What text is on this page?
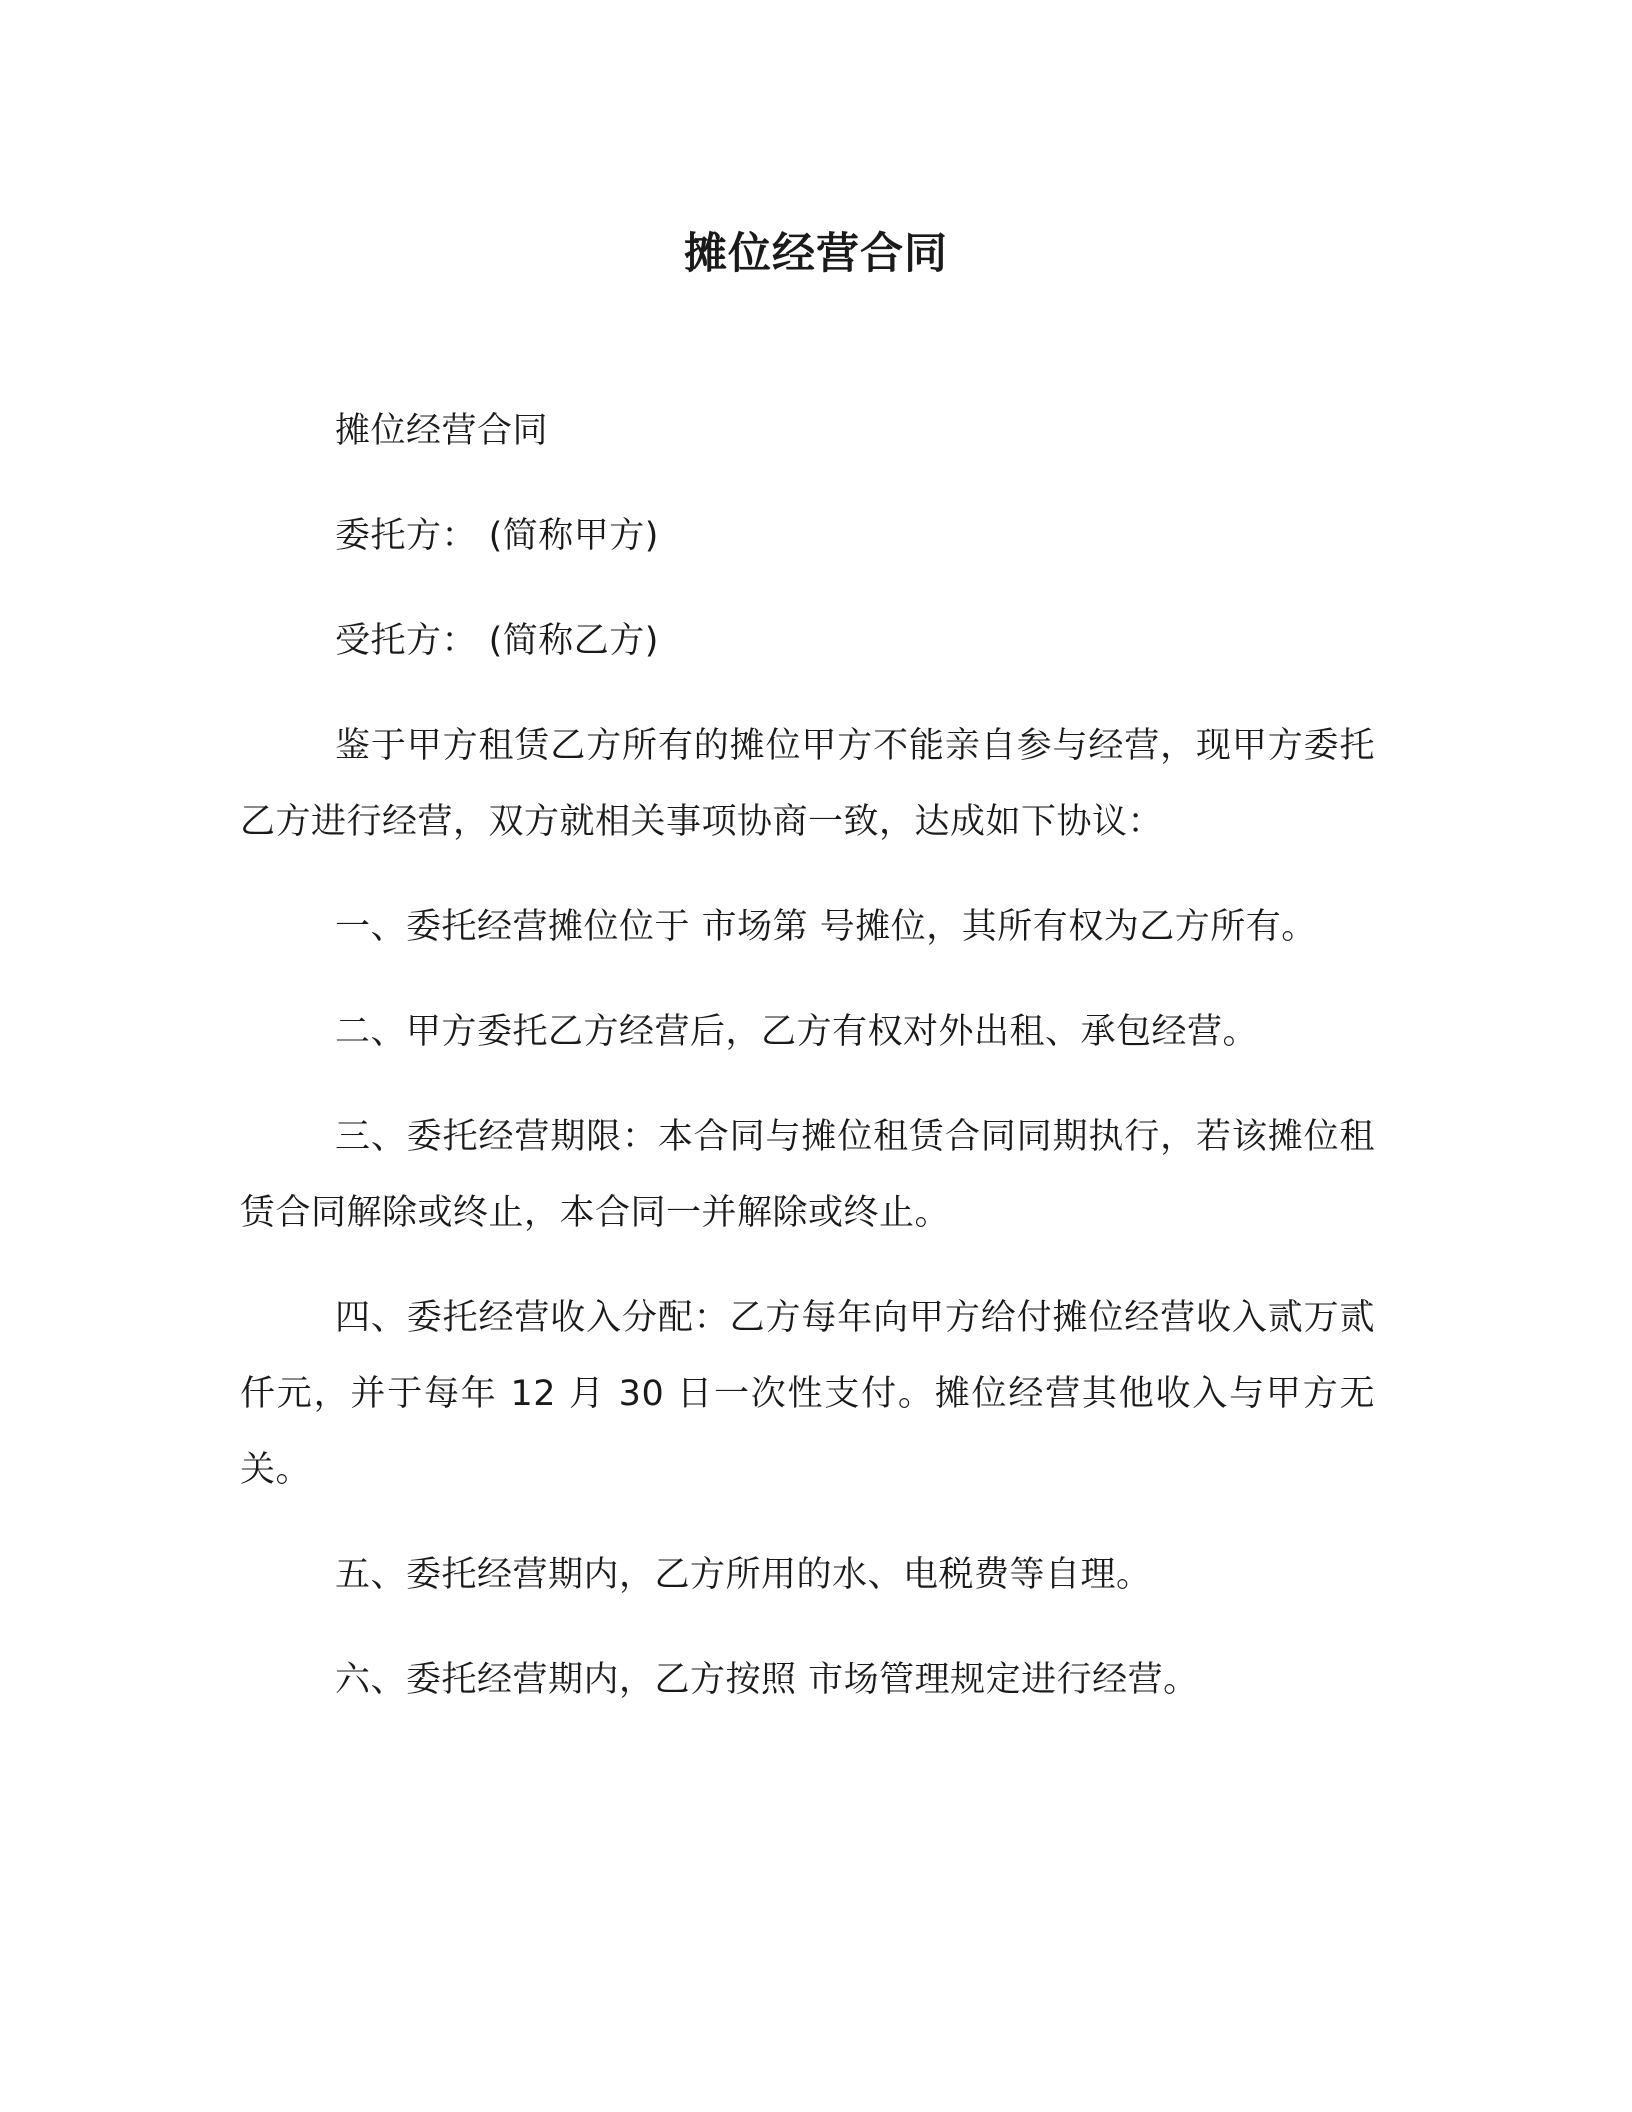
摊位经营合同

摊位经营合同

委托方： (简称甲方)

受托方： (简称乙方)

鉴于甲方租赁乙方所有的摊位甲方不能亲自参与经营，现甲方委托乙方进行经营，双方就相关事项协商一致，达成如下协议：

一、委托经营摊位位于 市场第 号摊位，其所有权为乙方所有。

二、甲方委托乙方经营后，乙方有权对外出租、承包经营。

三、委托经营期限：本合同与摊位租赁合同同期执行，若该摊位租赁合同解除或终止，本合同一并解除或终止。

四、委托经营收入分配：乙方每年向甲方给付摊位经营收入贰万贰仟元，并于每年 12 月 30 日一次性支付。摊位经营其他收入与甲方无关。

五、委托经营期内，乙方所用的水、电税费等自理。

六、委托经营期内，乙方按照 市场管理规定进行经营。
